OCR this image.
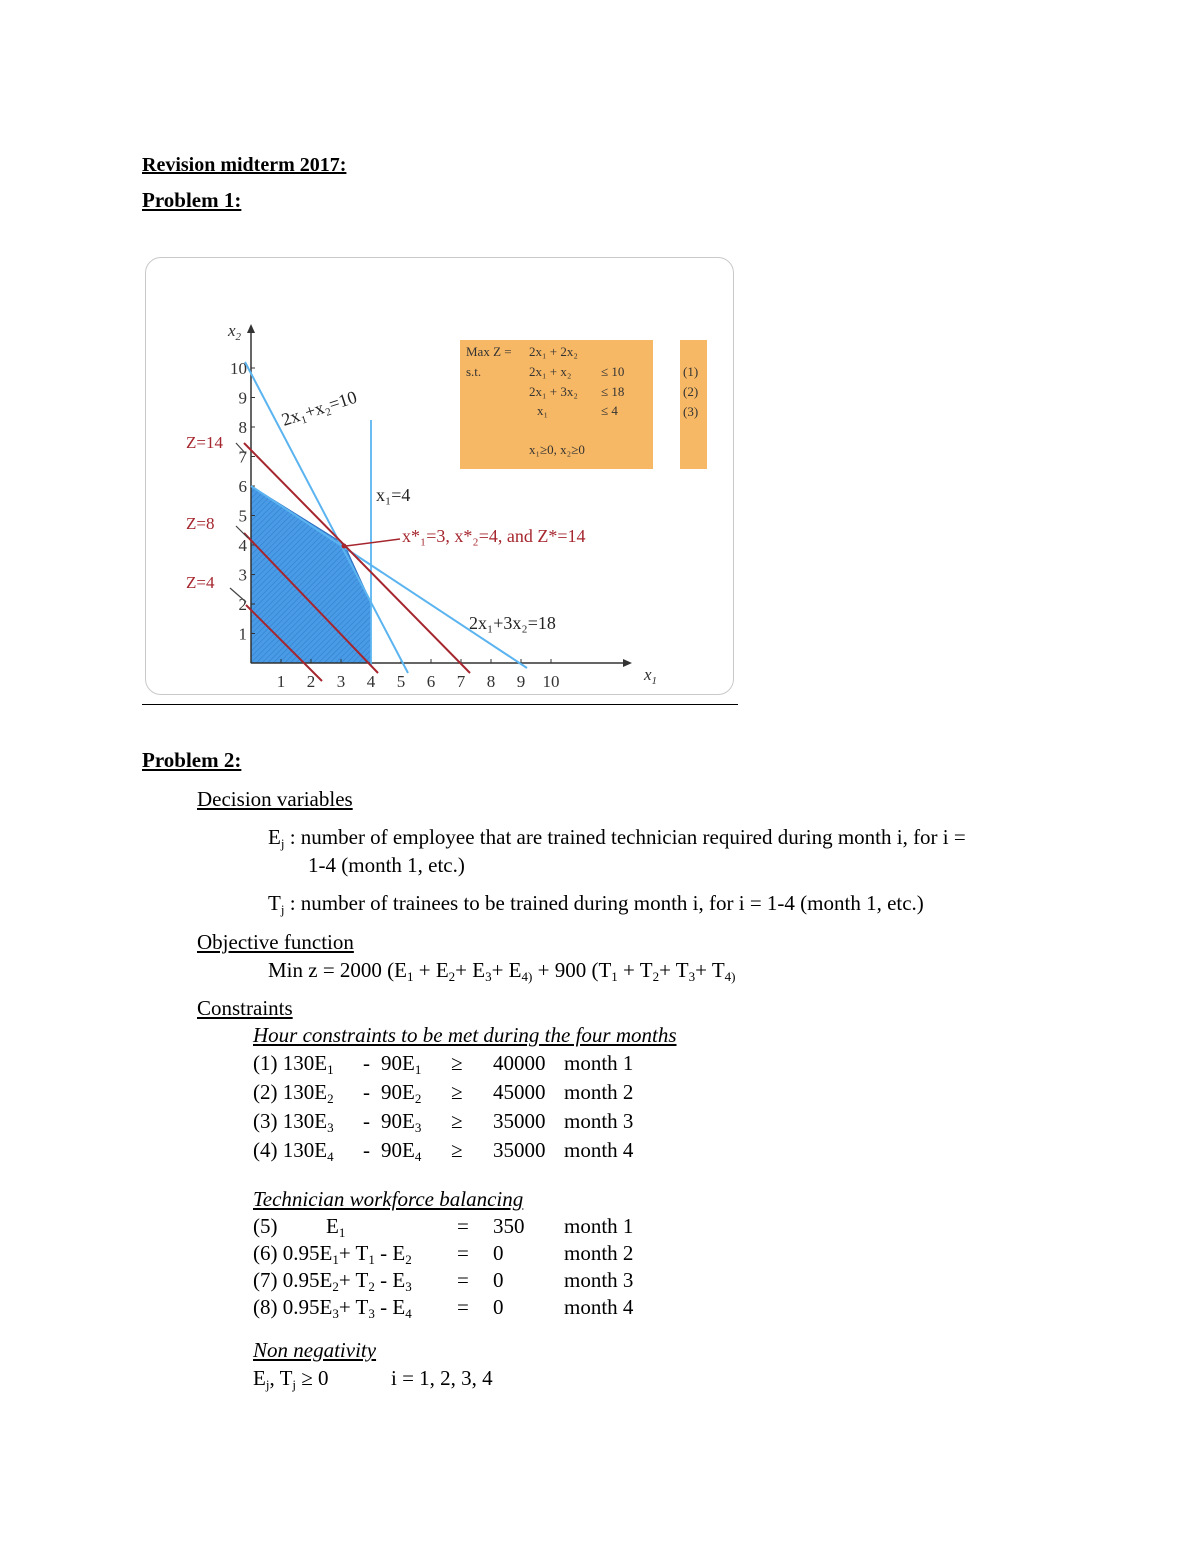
Revision midterm 2017:
Problem 1:
1 2 3 4 5 6 7 8 9 10
1
2
3
4
5
6
7
8
9
10
$x_2$
$x_1$
2x₁+x₂=10
2x₁+3x₂=18
x₁=4
Z=14
Z=8
Z=4
x*₁=3, x*₂=4, and Z*=14
Max Z = 2x₁ + 2x₂
s.t.	2x₁ + x₂ ≤ 10
2x₁ + 3x₂ ≤ 18
x₁	≤ 4
x₁≥0, x₂≥0
(1)
(2)
(3)
Problem 2:
Decision variables
$E_j$ : number of employee that are trained technician required during month i, for i =
1-4 (month 1, etc.)
$T_j$ : number of trainees to be trained during month i, for i = 1-4 (month 1, etc.)
Objective function
Min z = 2000 ($E_1 + E_2+ E_3+ E_{4)} + 900$ ($T_1 + T_2+ T_3+ T_{4)}$
Constraints
Hour constraints to be met during the four months
(1) $130E_1 - 90E_1 \ge 40000$ month 1
(2) $130E_2 - 90E_2 \ge 45000$ month 2
(3) $130E_3 - 90E_3 \ge 35000$ month 3
(4) $130E_4 - 90E_4 \ge 35000$ month 4
Technician workforce balancing
(5) $E_1$	= 350 month 1
(6) $0.95E_1+ T_1 - E_2 = 0$	month 2
(7) $0.95E_2+ T_2 - E_3 = 0$	month 3
(8) $0.95E_3+ T_3 - E_4 = 0$	month 4
Non negativity
$E_j$, $T_j \ge 0$	i = 1, 2, 3, 4
